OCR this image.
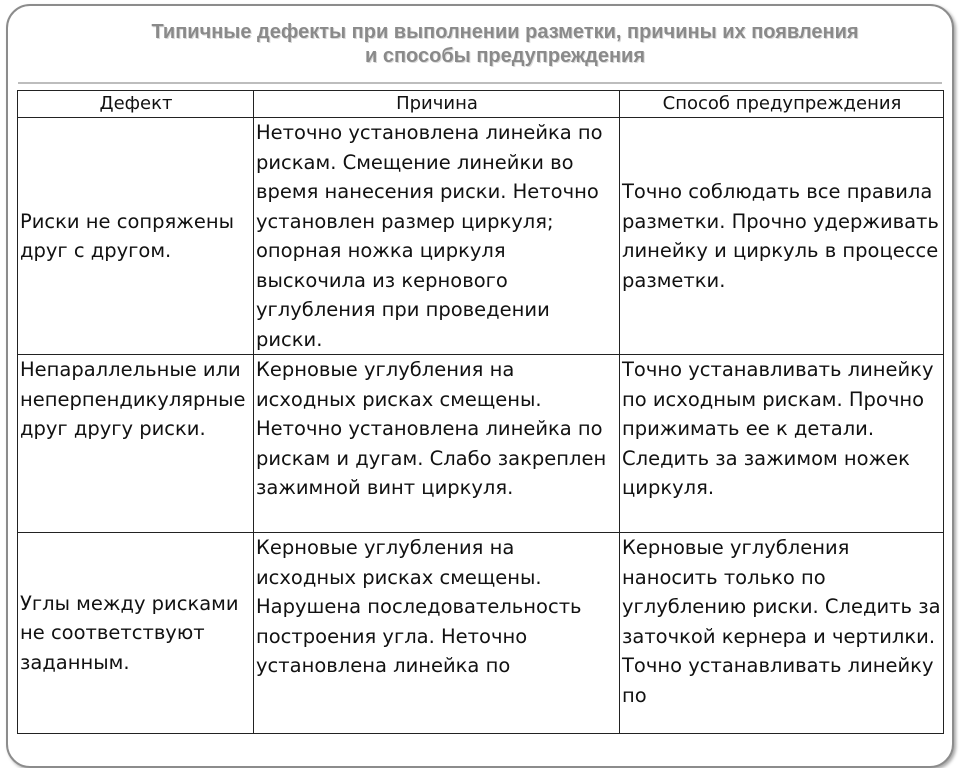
Типичные дефекты при выполнении разметки, причины их появления
и способы предупреждения
Дефект	Причина	Способ предупреждения
Риски не сопряжены друг с другом.	Неточно установлена линейка по рискам. Смещение линейки во время нанесения риски. Неточно установлен размер циркуля; опорная ножка циркуля выскочила из кернового углубления при проведении риски.	Точно соблюдать все правила разметки. Прочно удерживать линейку и циркуль в процессе разметки.
Непараллельные или неперпендикулярные друг другу риски.	Керновые углубления на исходных рисках смещены. Неточно установлена линейка по рискам и дугам. Слабо закреплен зажимной винт циркуля.	Точно устанавливать линейку по исходным рискам. Прочно прижимать ее к детали. Следить за зажимом ножек циркуля.
Углы между рисками не соответствуют заданным.	Керновые углубления на исходных рисках смещены. Нарушена последовательность построения угла. Неточно установлена линейка по	Керновые углубления наносить только по углублению риски. Следить за заточкой кернера и чертилки. Точно устанавливать линейку по
